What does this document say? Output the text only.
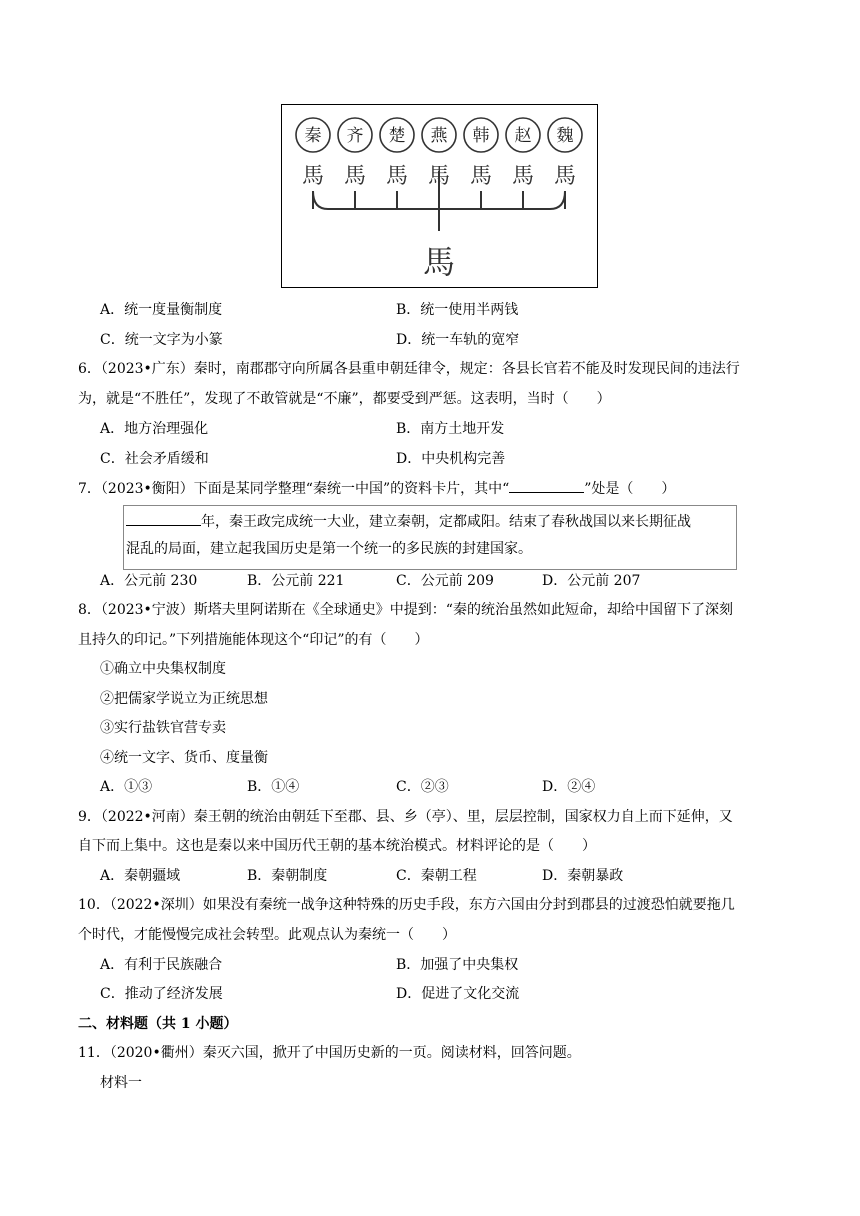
秦 齐 楚 燕 韩 赵 魏
馬 馬 馬 馬 馬 馬 馬
馬
A．统一度量衡制度	B．统一使用半两钱
C．统一文字为小篆	D．统一车轨的宽窄
6．（2023•广东）秦时，南郡郡守向所属各县重申朝廷律令，规定：各县长官若不能及时发现民间的违法行
为，就是“不胜任”，发现了不敢管就是“不廉”，都要受到严惩。这表明，当时（　　）
A．地方治理强化	B．南方土地开发
C．社会矛盾缓和	D．中央机构完善
7．（2023•衡阳）下面是某同学整理“秦统一中国”的资料卡片，其中“	”处是（　　）
年，秦王政完成统一大业，建立秦朝，定都咸阳。结束了春秋战国以来长期征战
混乱的局面，建立起我国历史是第一个统一的多民族的封建国家。
A．公元前 230	B．公元前 221	C．公元前 209	D．公元前 207
8．（2023•宁波）斯塔夫里阿诺斯在《全球通史》中提到：“秦的统治虽然如此短命，却给中国留下了深刻
且持久的印记。”下列措施能体现这个“印记”的有（　　）
①确立中央集权制度
②把儒家学说立为正统思想
③实行盐铁官营专卖
④统一文字、货币、度量衡
A．①③	B．①④	C．②③	D．②④
9．（2022•河南）秦王朝的统治由朝廷下至郡、县、乡（亭）、里，层层控制，国家权力自上而下延伸，又
自下而上集中。这也是秦以来中国历代王朝的基本统治模式。材料评论的是（　　）
A．秦朝疆域	B．秦朝制度	C．秦朝工程	D．秦朝暴政
10．（2022•深圳）如果没有秦统一战争这种特殊的历史手段，东方六国由分封到郡县的过渡恐怕就要拖几
个时代，才能慢慢完成社会转型。此观点认为秦统一（　　）
A．有利于民族融合	B．加强了中央集权
C．推动了经济发展	D．促进了文化交流
二、材料题（共 1 小题）
11．（2020•衢州）秦灭六国，掀开了中国历史新的一页。阅读材料，回答问题。
材料一
